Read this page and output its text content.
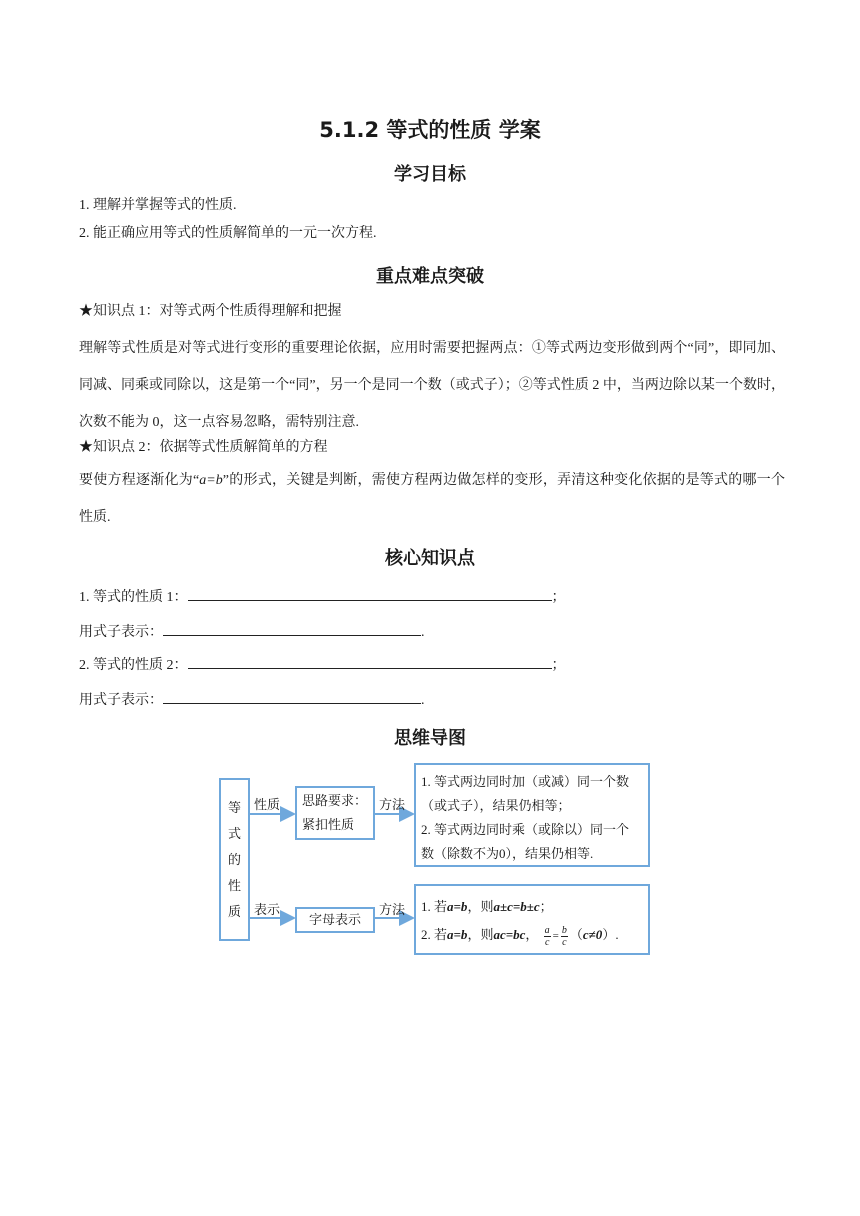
5.1.2 等式的性质 学案
学习目标
1. 理解并掌握等式的性质.
2. 能正确应用等式的性质解简单的一元一次方程.
重点难点突破
★知识点 1：对等式两个性质得理解和把握
理解等式性质是对等式进行变形的重要理论依据，应用时需要把握两点：①等式两边变形做到两个“同”，即同加、同减、同乘或同除以，这是第一个“同”，另一个是同一个数（或式子）；②等式性质 2 中，当两边除以某一个数时，次数不能为 0，这一点容易忽略，需特别注意.
★知识点 2：依据等式性质解简单的方程
要使方程逐渐化为“a=b”的形式，关键是判断，需使方程两边做怎样的变形，弄清这种变化依据的是等式的哪一个性质.
核心知识点
1. 等式的性质 1：	；
用式子表示：	.
2. 等式的性质 2：	；
用式子表示：	.
思维导图
等
式
的
性
质
性质
表示
思路要求：
紧扣性质
字母表示
方法
方法
1. 等式两边同时加（或减）同一个数
（或式子），结果仍相等；
2. 等式两边同时乘（或除以）同一个
数（除数不为0），结果仍相等.
1. 若a=b，则a±c=b±c；
2. 若a=b，则ac=bc， $\frac{a}{c} = \frac{b}{c} (c\ne 0)$.
